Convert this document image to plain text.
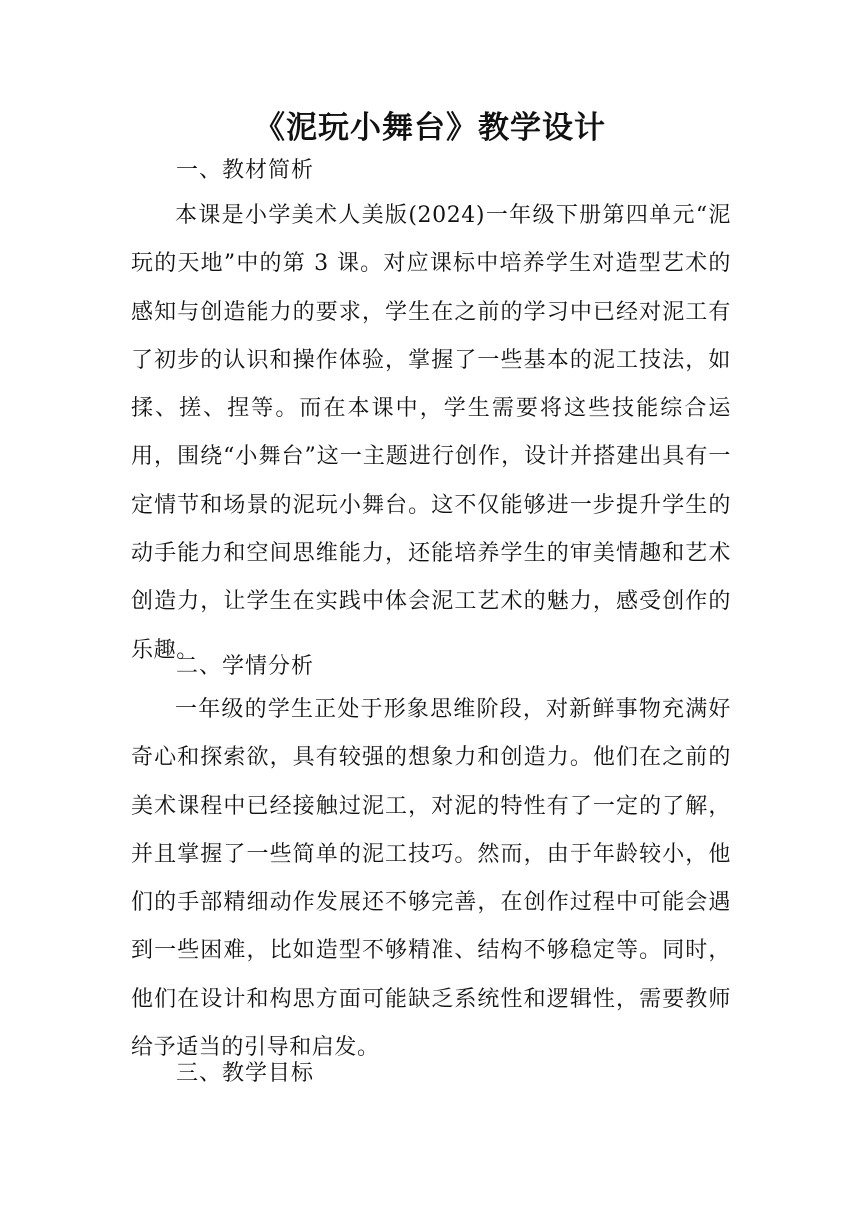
《泥玩小舞台》教学设计
一、教材简析

本课是小学美术人美版(2024)一年级下册第四单元“泥玩的天地”中的第 3 课。对应课标中培养学生对造型艺术的感知与创造能力的要求，学生在之前的学习中已经对泥工有了初步的认识和操作体验，掌握了一些基本的泥工技法，如揉、搓、捏等。而在本课中，学生需要将这些技能综合运用，围绕“小舞台”这一主题进行创作，设计并搭建出具有一定情节和场景的泥玩小舞台。这不仅能够进一步提升学生的动手能力和空间思维能力，还能培养学生的审美情趣和艺术创造力，让学生在实践中体会泥工艺术的魅力，感受创作的乐趣。

二、学情分析

一年级的学生正处于形象思维阶段，对新鲜事物充满好奇心和探索欲，具有较强的想象力和创造力。他们在之前的美术课程中已经接触过泥工，对泥的特性有了一定的了解，并且掌握了一些简单的泥工技巧。然而，由于年龄较小，他们的手部精细动作发展还不够完善，在创作过程中可能会遇到一些困难，比如造型不够精准、结构不够稳定等。同时，他们在设计和构思方面可能缺乏系统性和逻辑性，需要教师给予适当的引导和启发。

三、教学目标
